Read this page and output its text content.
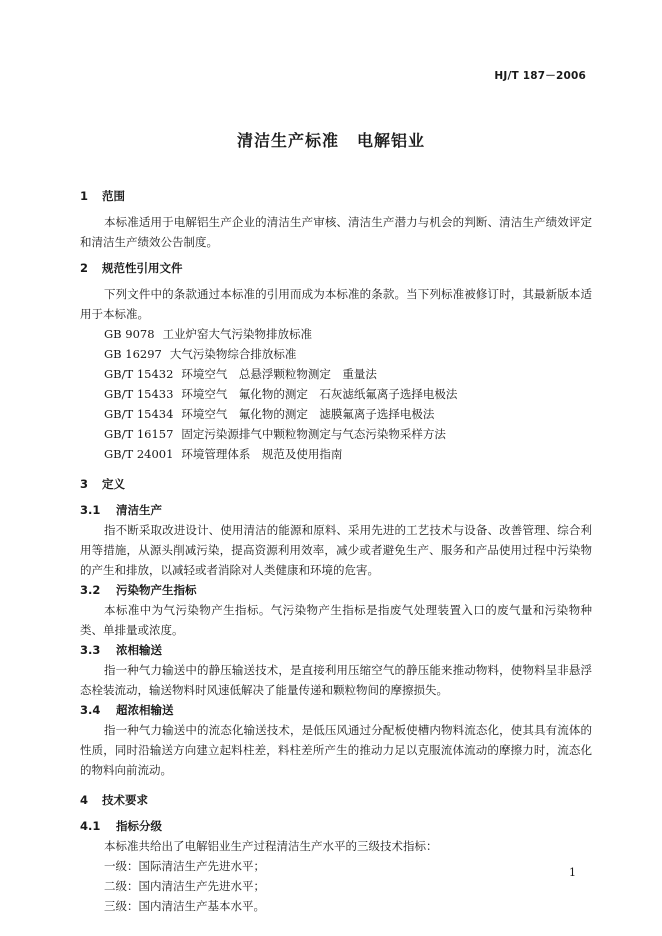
HJ/T 187－2006
清洁生产标准 电解铝业

1 范围

本标准适用于电解铝生产企业的清洁生产审核、清洁生产潜力与机会的判断、清洁生产绩效评定和清洁生产绩效公告制度。

2 规范性引用文件

下列文件中的条款通过本标准的引用而成为本标准的条款。当下列标准被修订时，其最新版本适用于本标准。

GB 9078 工业炉窑大气污染物排放标准

GB 16297 大气污染物综合排放标准

GB/T 15432 环境空气　总悬浮颗粒物测定　重量法

GB/T 15433 环境空气　氟化物的测定　石灰滤纸氟离子选择电极法

GB/T 15434 环境空气　氟化物的测定　滤膜氟离子选择电极法

GB/T 16157 固定污染源排气中颗粒物测定与气态污染物采样方法

GB/T 24001 环境管理体系　规范及使用指南

3 定义

3.1 清洁生产

指不断采取改进设计、使用清洁的能源和原料、采用先进的工艺技术与设备、改善管理、综合利用等措施，从源头削减污染，提高资源利用效率，减少或者避免生产、服务和产品使用过程中污染物的产生和排放，以减轻或者消除对人类健康和环境的危害。

3.2 污染物产生指标

本标准中为气污染物产生指标。气污染物产生指标是指废气处理装置入口的废气量和污染物种类、单排量或浓度。

3.3 浓相输送

指一种气力输送中的静压输送技术，是直接利用压缩空气的静压能来推动物料，使物料呈非悬浮态栓装流动，输送物料时风速低解决了能量传递和颗粒物间的摩擦损失。

3.4 超浓相输送

指一种气力输送中的流态化输送技术，是低压风通过分配板使槽内物料流态化，使其具有流体的性质，同时沿输送方向建立起料柱差，料柱差所产生的推动力足以克服流体流动的摩擦力时，流态化的物料向前流动。

4 技术要求

4.1 指标分级

本标准共给出了电解铝业生产过程清洁生产水平的三级技术指标：

一级：国际清洁生产先进水平；

二级：国内清洁生产先进水平；

三级：国内清洁生产基本水平。

1
